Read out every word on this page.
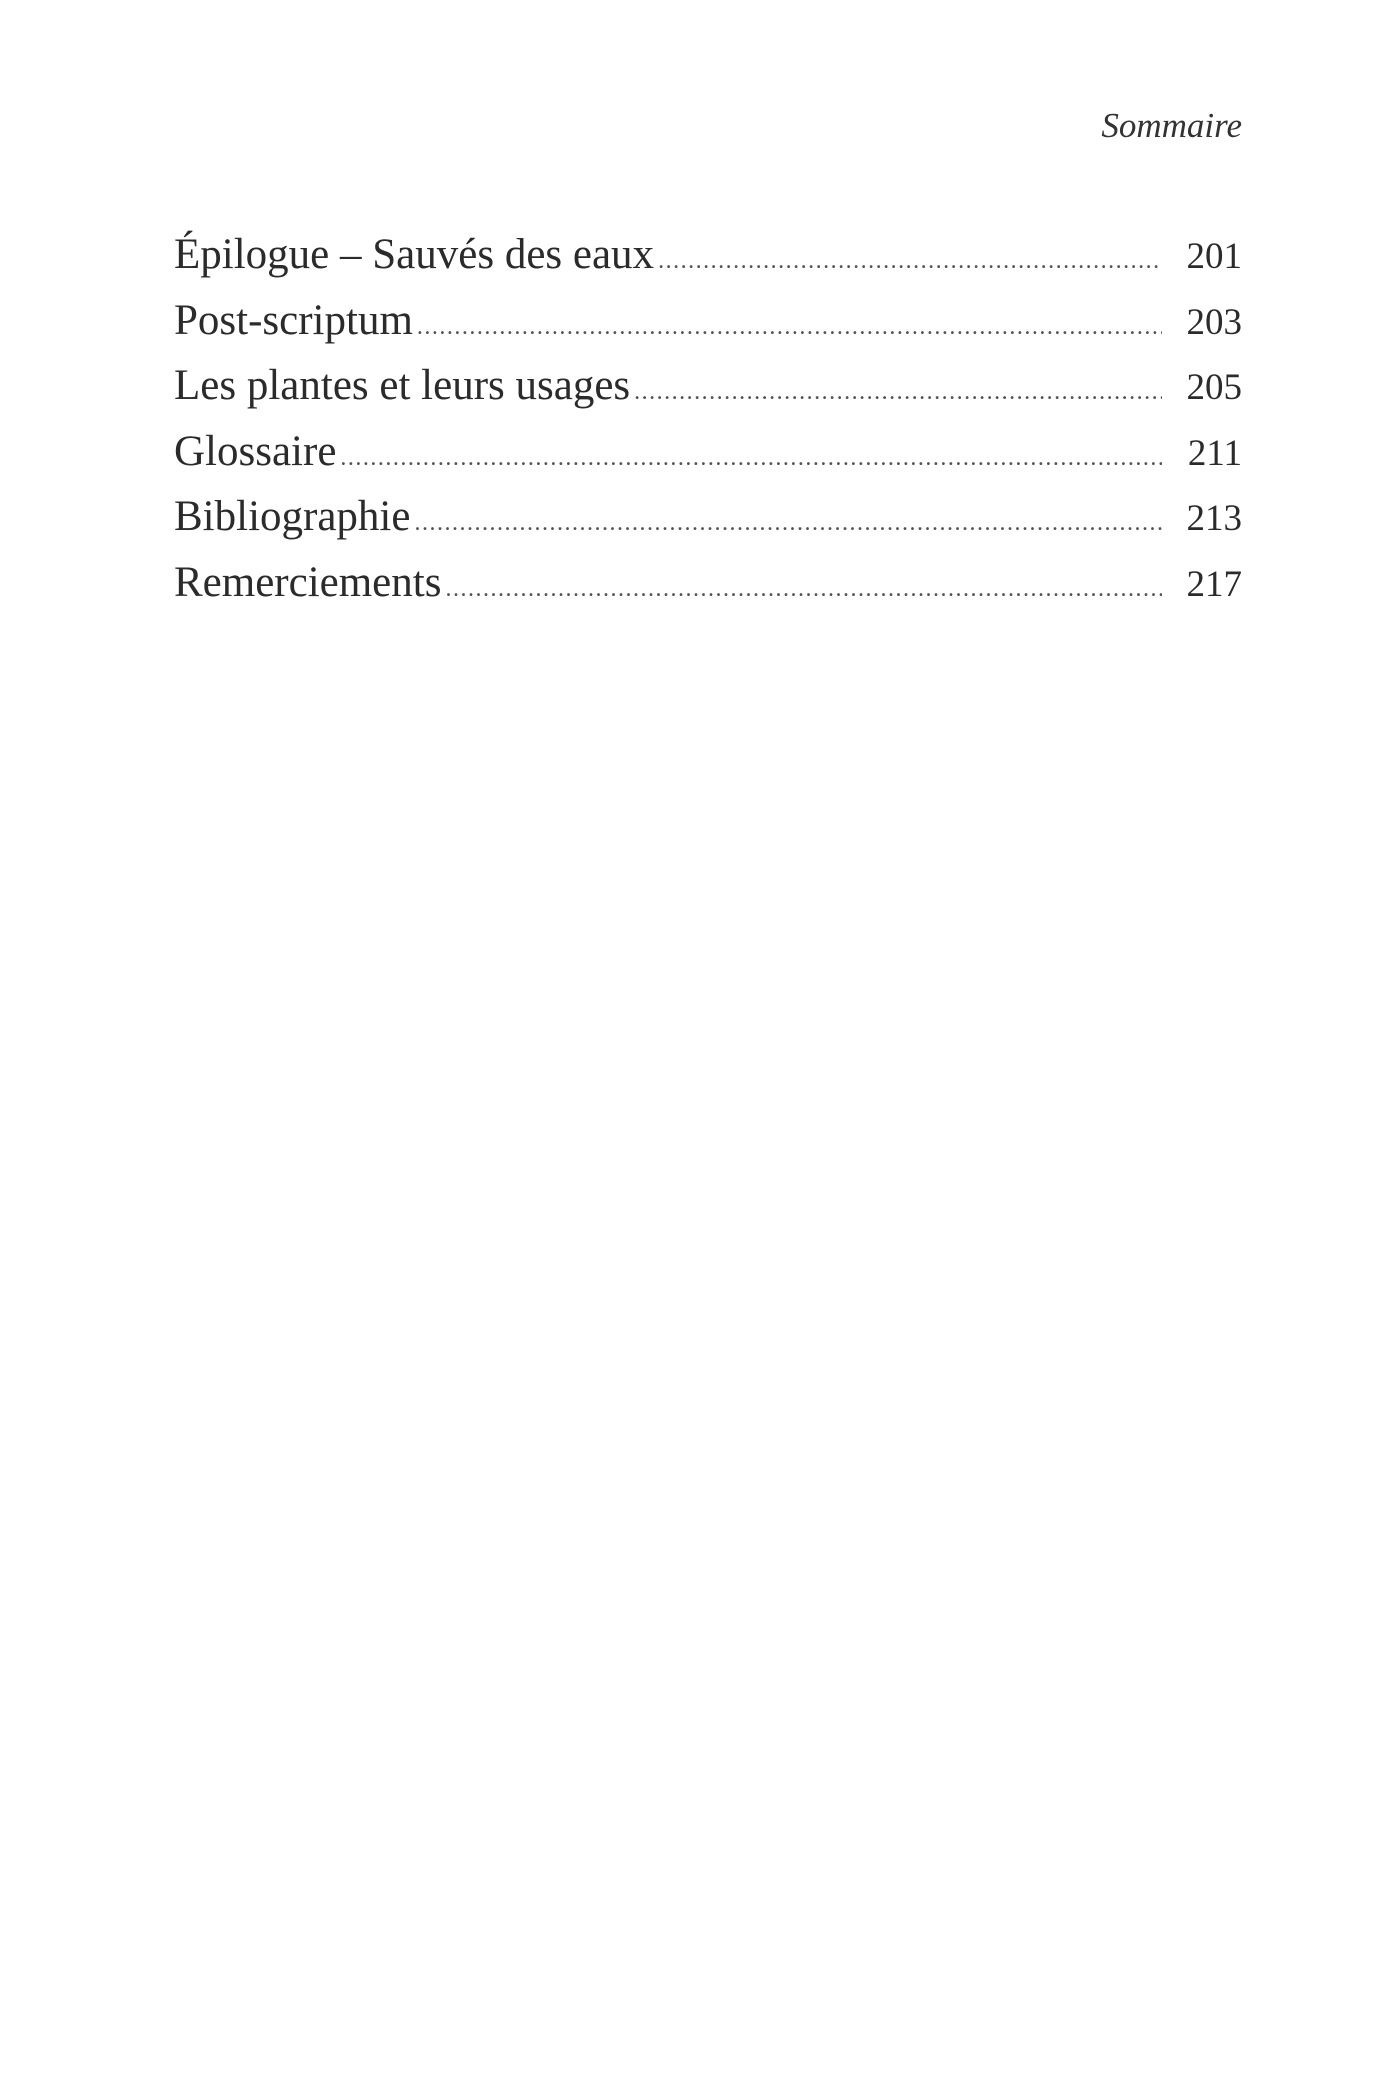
Sommaire
Épilogue – Sauvés des eaux .....	201
Post-scriptum .....	203
Les plantes et leurs usages .....	205
Glossaire .....	211
Bibliographie .....	213
Remerciements .....	217
